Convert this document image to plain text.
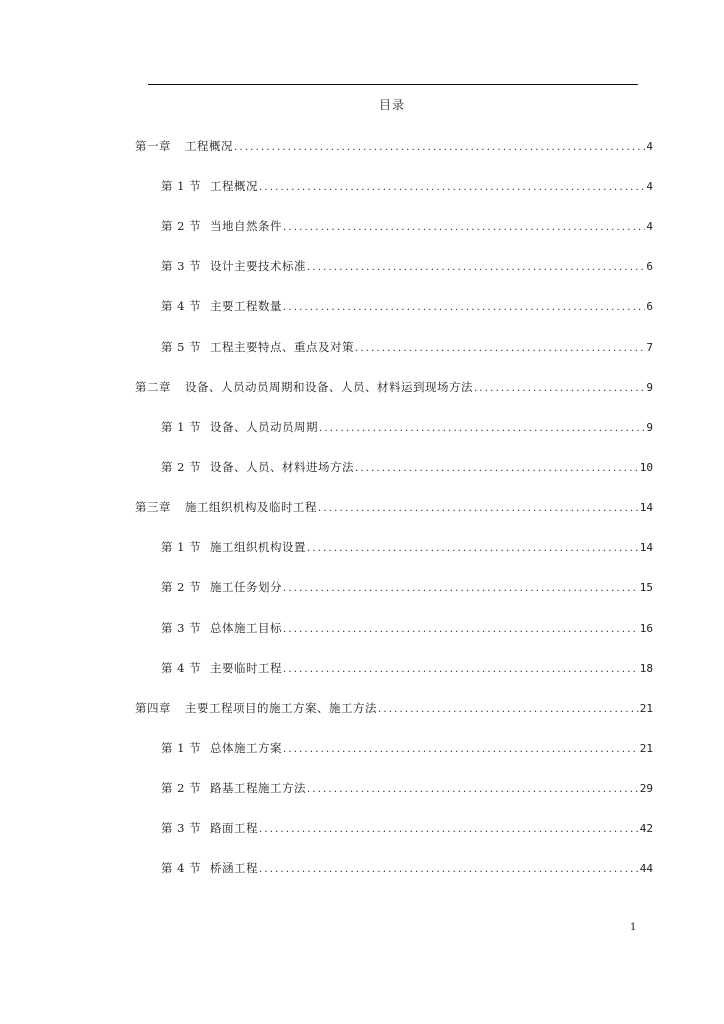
目录
第一章	工程概况 .....	4
第 1 节 工程概况 .....	4
第 2 节 当地自然条件 .....	4
第 3 节 设计主要技术标准 .....	6
第 4 节 主要工程数量 .....	6
第 5 节 工程主要特点、重点及对策 .....	7
第二章	设备、人员动员周期和设备、人员、材料运到现场方法 .....	9
第 1 节 设备、人员动员周期 .....	9
第 2 节 设备、人员、材料进场方法 .....	10
第三章	施工组织机构及临时工程 .....	14
第 1 节 施工组织机构设置 .....	14
第 2 节 施工任务划分 .....	15
第 3 节 总体施工目标 .....	16
第 4 节 主要临时工程 .....	18
第四章	主要工程项目的施工方案、施工方法 .....	21
第 1 节 总体施工方案 .....	21
第 2 节 路基工程施工方法 .....	29
第 3 节 路面工程 .....	42
第 4 节 桥涵工程 .....	44
1
